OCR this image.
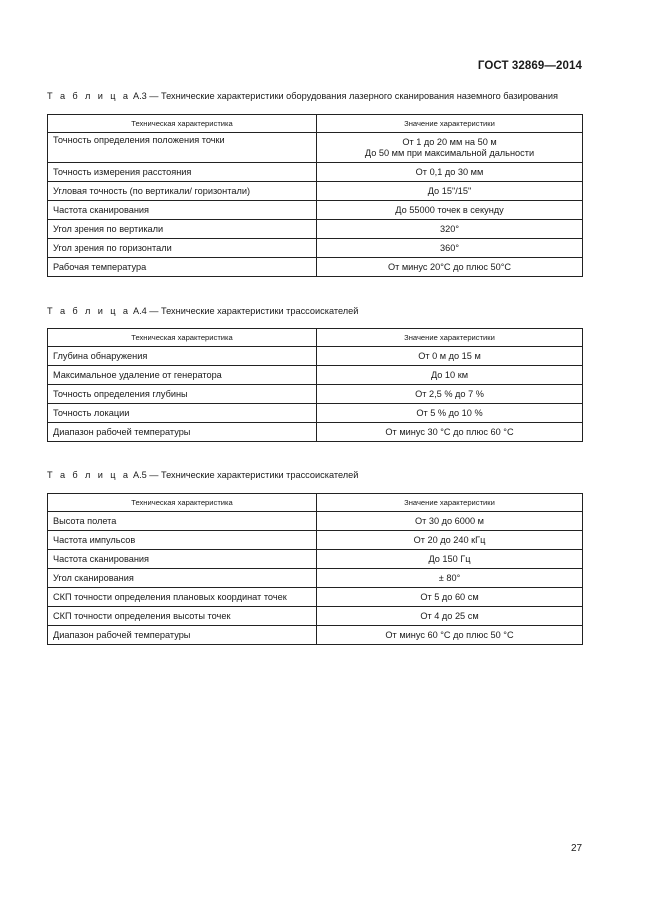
ГОСТ 32869—2014
Т а б л и ц а А.3 — Технические характеристики оборудования лазерного сканирования наземного базирования
Техническая характеристика	Значение характеристики
Точность определения положения точки	От 1 до 20 мм на 50 м
До 50 мм при максимальной дальности
Точность измерения расстояния	От 0,1 до 30 мм
Угловая точность (по вертикали/ горизонтали)	До 15"/15"
Частота сканирования	До 55000 точек в секунду
Угол зрения по вертикали	320°
Угол зрения по горизонтали	360°
Рабочая температура	От минус 20°С до плюс 50°С
Т а б л и ц а А.4 — Технические характеристики трассоискателей
Техническая характеристика	Значение характеристики
Глубина обнаружения	От 0 м до 15 м
Максимальное удаление от генератора	До 10 км
Точность определения глубины	От 2,5 % до 7 %
Точность локации	От 5 % до 10 %
Диапазон рабочей температуры	От минус 30 °С до плюс 60 °С
Т а б л и ц а А.5 — Технические характеристики трассоискателей
Техническая характеристика	Значение характеристики
Высота полета	От 30 до 6000 м
Частота импульсов	От 20 до 240 кГц
Частота сканирования	До 150 Гц
Угол сканирования	± 80°
СКП точности определения плановых координат точек	От 5 до 60 см
СКП точности определения высоты точек	От 4 до 25 см
Диапазон рабочей температуры	От минус 60 °С до плюс 50 °С
27
